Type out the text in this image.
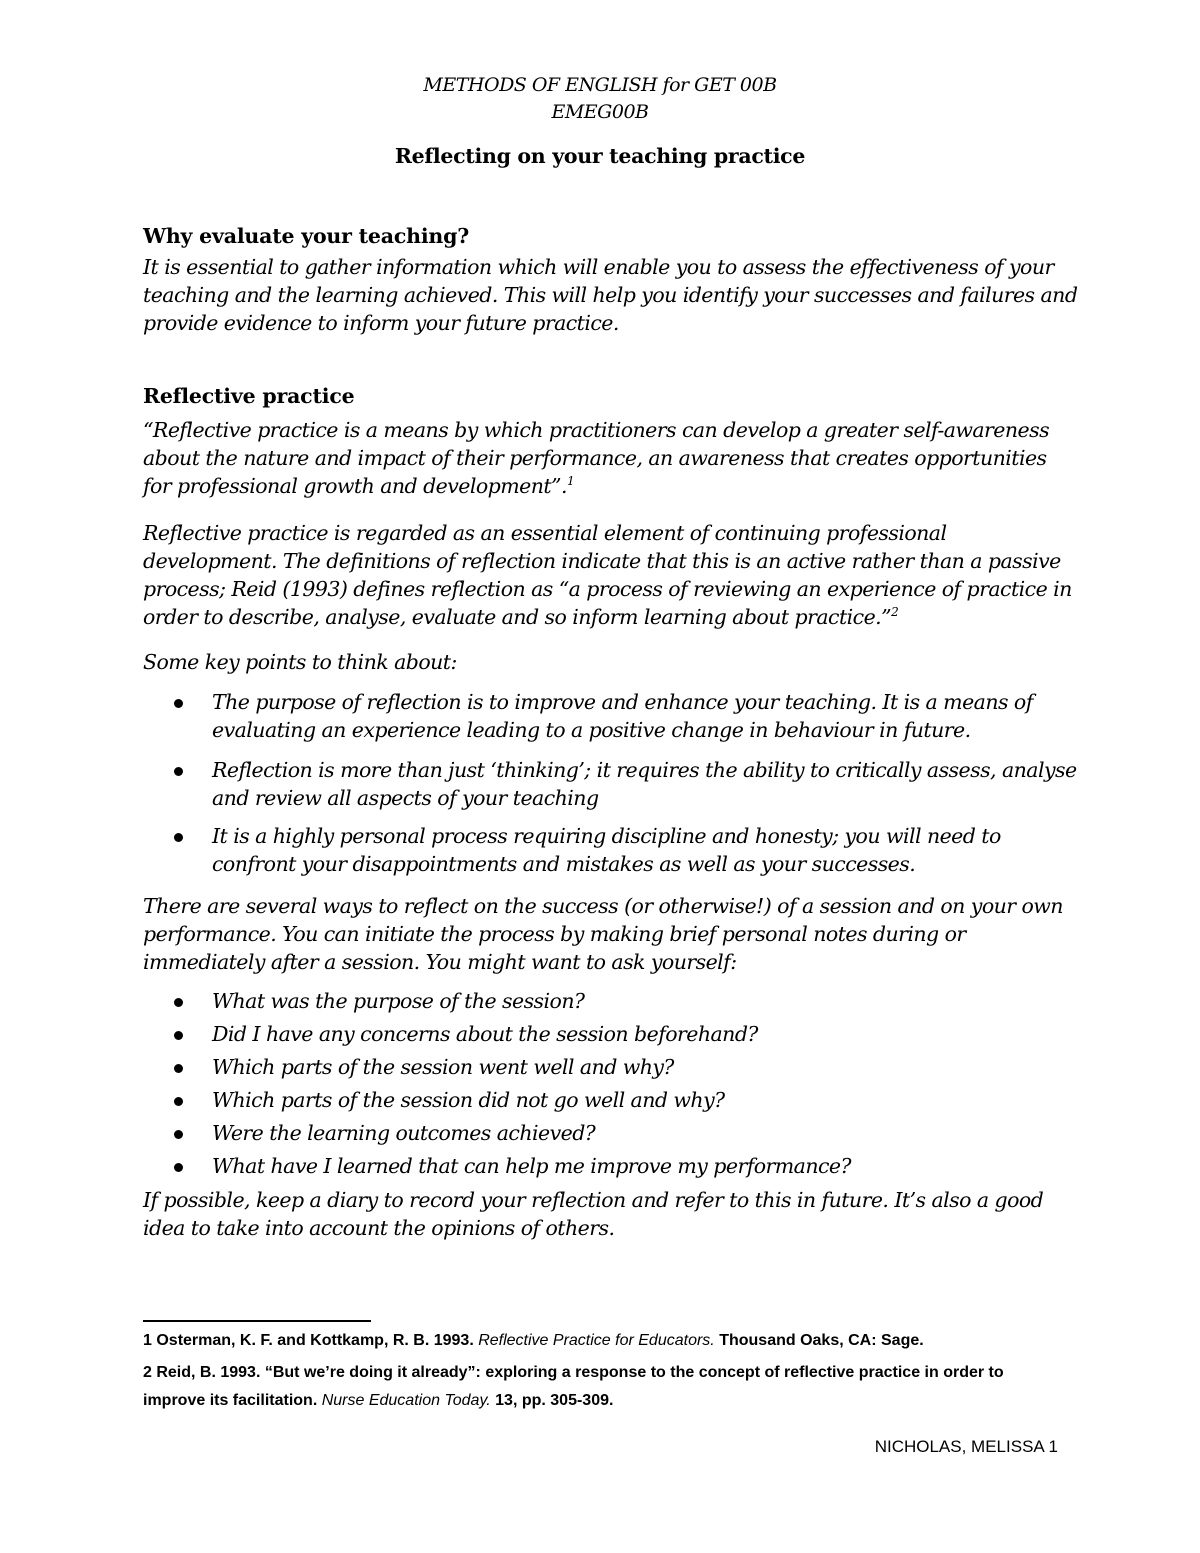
METHODS OF ENGLISH for GET 00B
EMEG00B
Reflecting on your teaching practice
Why evaluate your teaching?
It is essential to gather information which will enable you to assess the effectiveness of your
teaching and the learning achieved. This will help you identify your successes and failures and
provide evidence to inform your future practice.
Reflective practice
“Reflective practice is a means by which practitioners can develop a greater self-awareness
about the nature and impact of their performance, an awareness that creates opportunities
for professional growth and development”.$^1$
Reflective practice is regarded as an essential element of continuing professional
development. The definitions of reflection indicate that this is an active rather than a passive
process; Reid (1993) defines reflection as “a process of reviewing an experience of practice in
order to describe, analyse, evaluate and so inform learning about practice.”$^2$
Some key points to think about:
The purpose of reflection is to improve and enhance your teaching. It is a means of
evaluating an experience leading to a positive change in behaviour in future.
Reflection is more than just ‘thinking’; it requires the ability to critically assess, analyse
and review all aspects of your teaching
It is a highly personal process requiring discipline and honesty; you will need to
confront your disappointments and mistakes as well as your successes.
There are several ways to reflect on the success (or otherwise!) of a session and on your own
performance. You can initiate the process by making brief personal notes during or
immediately after a session. You might want to ask yourself:
What was the purpose of the session?
Did I have any concerns about the session beforehand?
Which parts of the session went well and why?
Which parts of the session did not go well and why?
Were the learning outcomes achieved?
What have I learned that can help me improve my performance?
If possible, keep a diary to record your reflection and refer to this in future. It’s also a good
idea to take into account the opinions of others.
1 Osterman, K. F. and Kottkamp, R. B. 1993. Reflective Practice for Educators. Thousand Oaks, CA: Sage.
2 Reid, B. 1993. “But we’re doing it already”: exploring a response to the concept of reflective practice in order to
improve its facilitation. Nurse Education Today. 13, pp. 305-309.
NICHOLAS, MELISSA 1
